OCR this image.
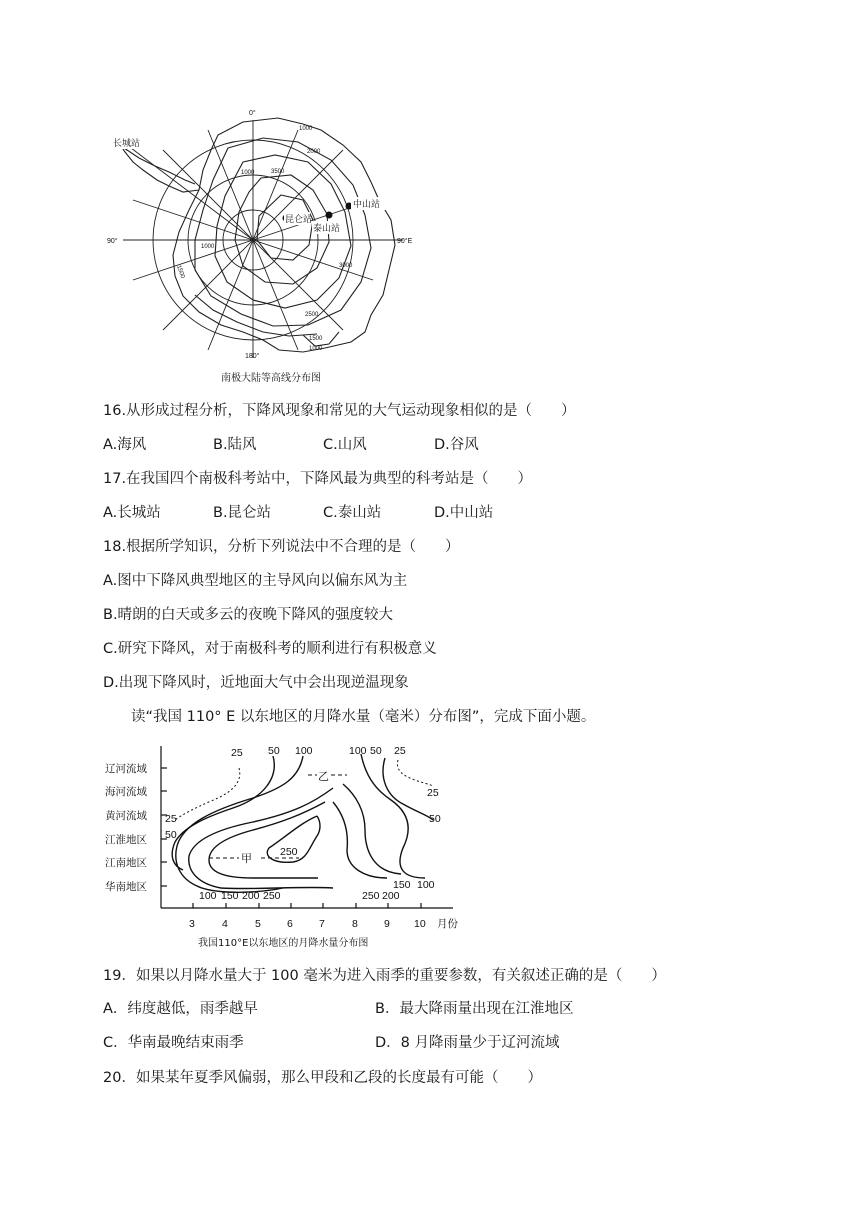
长城站
昆仑站
泰山站
中山站
0°
180°
90°	90°E
1000
2000
3500
1000
3000
2500
1500
1000
1500
1000
南极大陆等高线分布图
16.从形成过程分析，下降风现象和常见的大气运动现象相似的是（　　）
A.海风	B.陆风	C.山风	D.谷风
17.在我国四个南极科考站中，下降风最为典型的科考站是（　　）
A.长城站	B.昆仑站	C.泰山站	D.中山站
18.根据所学知识，分析下列说法中不合理的是（　　）
A.图中下降风典型地区的主导风向以偏东风为主
B.晴朗的白天或多云的夜晚下降风的强度较大
C.研究下降风，对于南极科考的顺利进行有积极意义
D.出现下降风时，近地面大气中会出现逆温现象
读“我国 110° E 以东地区的月降水量（毫米）分布图”，完成下面小题。
辽河流域
海河流域
黄河流域
江淮地区
江南地区
华南地区
3	4	5 6 7	8 9 10 月份
甲
乙
25 50 100	100 50 25
100 150 200 250	250 200
25
50
25
50
250
150 100
我国110°E以东地区的月降水量分布图
19．如果以月降水量大于 100 毫米为进入雨季的重要参数，有关叙述正确的是（　　）
A．纬度越低，雨季越早	B．最大降雨量出现在江淮地区
C．华南最晚结束雨季	D．8 月降雨量少于辽河流域
20．如果某年夏季风偏弱，那么甲段和乙段的长度最有可能（　　）
